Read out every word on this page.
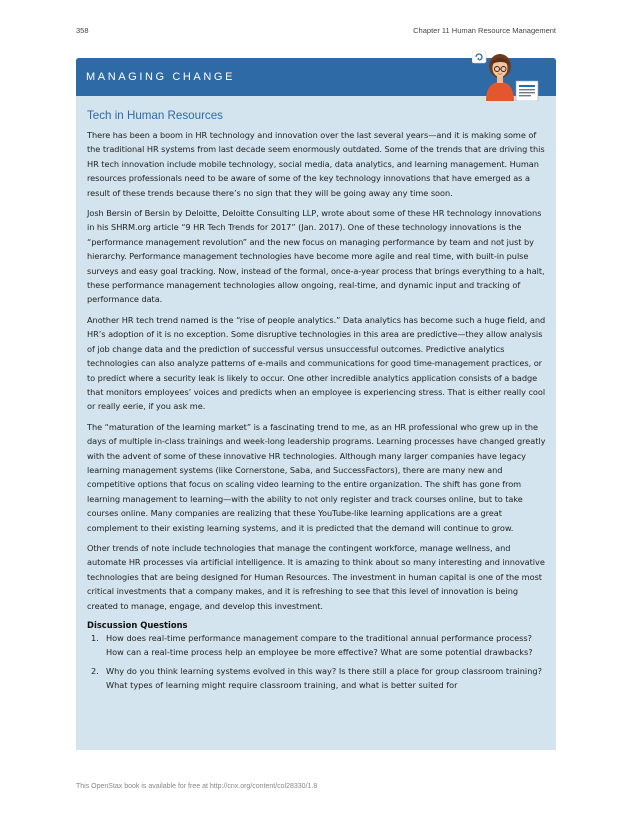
358	Chapter 11 Human Resource Management
MANAGING CHANGE
Tech in Human Resources

There has been a boom in HR technology and innovation over the last several years—and it is making some of the traditional HR systems from last decade seem enormously outdated. Some of the trends that are driving this HR tech innovation include mobile technology, social media, data analytics, and learning management. Human resources professionals need to be aware of some of the key technology innovations that have emerged as a result of these trends because there’s no sign that they will be going away any time soon.

Josh Bersin of Bersin by Deloitte, Deloitte Consulting LLP, wrote about some of these HR technology innovations in his SHRM.org article “9 HR Tech Trends for 2017” (Jan. 2017). One of these technology innovations is the “performance management revolution” and the new focus on managing performance by team and not just by hierarchy. Performance management technologies have become more agile and real time, with built-in pulse surveys and easy goal tracking. Now, instead of the formal, once-a-year process that brings everything to a halt, these performance management technologies allow ongoing, real-time, and dynamic input and tracking of performance data.

Another HR tech trend named is the “rise of people analytics.” Data analytics has become such a huge field, and HR’s adoption of it is no exception. Some disruptive technologies in this area are predictive—they allow analysis of job change data and the prediction of successful versus unsuccessful outcomes. Predictive analytics technologies can also analyze patterns of e-mails and communications for good time-management practices, or to predict where a security leak is likely to occur. One other incredible analytics application consists of a badge that monitors employees’ voices and predicts when an employee is experiencing stress. That is either really cool or really eerie, if you ask me.

The “maturation of the learning market” is a fascinating trend to me, as an HR professional who grew up in the days of multiple in-class trainings and week-long leadership programs. Learning processes have changed greatly with the advent of some of these innovative HR technologies. Although many larger companies have legacy learning management systems (like Cornerstone, Saba, and SuccessFactors), there are many new and competitive options that focus on scaling video learning to the entire organization. The shift has gone from learning management to learning—with the ability to not only register and track courses online, but to take courses online. Many companies are realizing that these YouTube-like learning applications are a great complement to their existing learning systems, and it is predicted that the demand will continue to grow.

Other trends of note include technologies that manage the contingent workforce, manage wellness, and automate HR processes via artificial intelligence. It is amazing to think about so many interesting and innovative technologies that are being designed for Human Resources. The investment in human capital is one of the most critical investments that a company makes, and it is refreshing to see that this level of innovation is being created to manage, engage, and develop this investment.

Discussion Questions
1. How does real-time performance management compare to the traditional annual performance process? How can a real-time process help an employee be more effective? What are some potential drawbacks?
2. Why do you think learning systems evolved in this way? Is there still a place for group classroom training? What types of learning might require classroom training, and what is better suited for
This OpenStax book is available for free at http://cnx.org/content/col28330/1.8
